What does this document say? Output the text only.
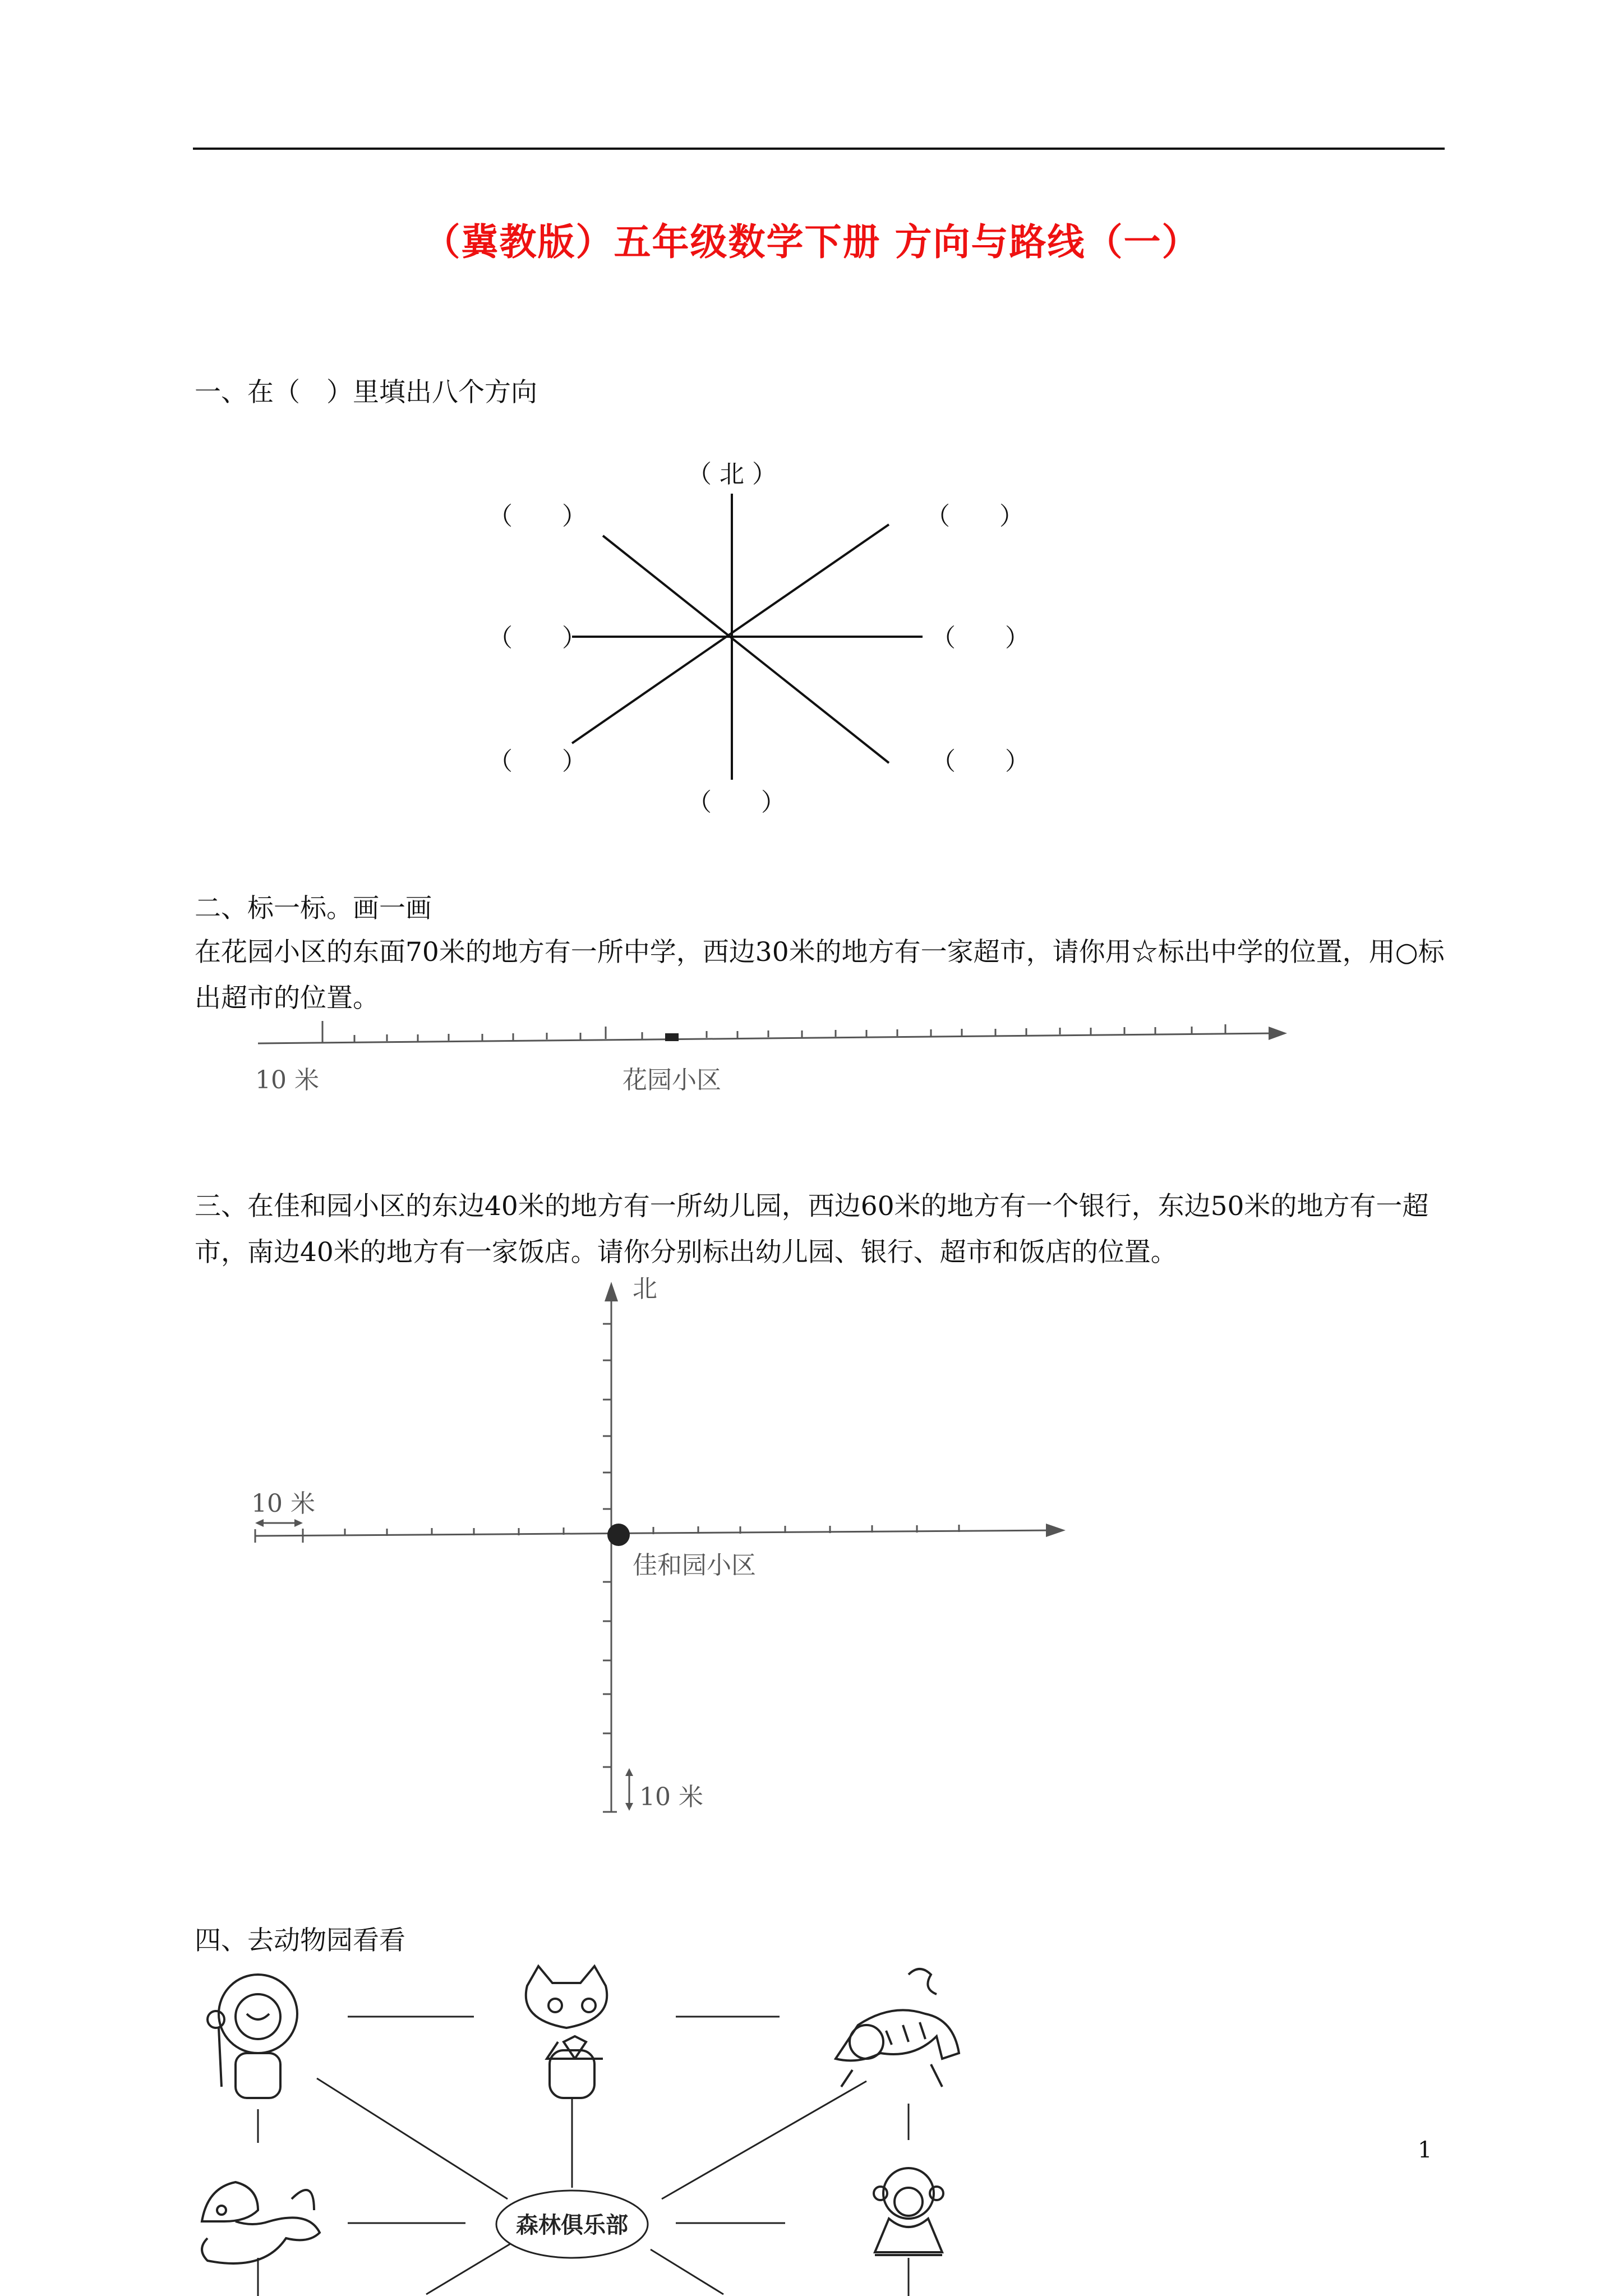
（冀教版）五年级数学下册 方向与路线（一）
一、在（　）里填出八个方向
（ 北 ）
（　　）	（　　）
（　　）	（　　）
（　　）	（　　）
（　　）
二、标一标。画一画
在花园小区的东面70米的地方有一所中学，西边30米的地方有一家超市，请你用☆标出中学的位置，用○标出超市的位置。
10 米	花园小区
三、在佳和园小区的东边40米的地方有一所幼儿园，西边60米的地方有一个银行，东边50米的地方有一超市，南边40米的地方有一家饭店。请你分别标出幼儿园、银行、超市和饭店的位置。
北
10 米
佳和园小区
10 米
四、去动物园看看
森林俱乐部
1
